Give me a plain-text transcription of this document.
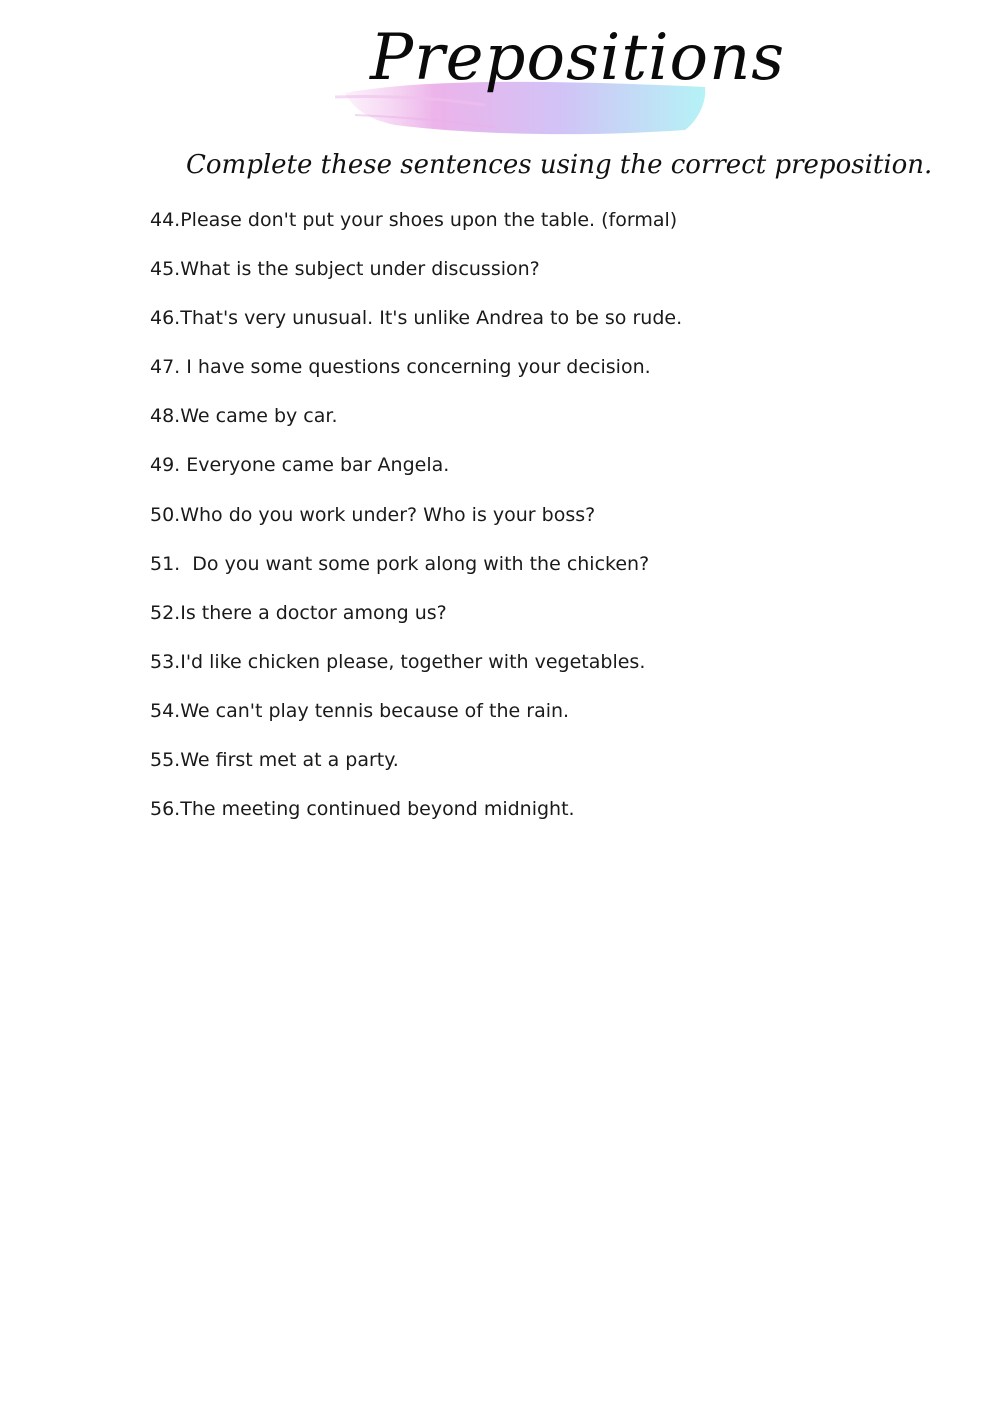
Prepositions
Complete these sentences using the correct preposition.
44.Please don't put your shoes upon the table. (formal)
45.What is the subject under discussion?
46.That's very unusual. It's unlike Andrea to be so rude.
47. I have some questions concerning your decision.
48.We came by car.
49. Everyone came bar Angela.
50.Who do you work under? Who is your boss?
51.  Do you want some pork along with the chicken?
52.Is there a doctor among us?
53.I'd like chicken please, together with vegetables.
54.We can't play tennis because of the rain.
55.We first met at a party.
56.The meeting continued beyond midnight.
